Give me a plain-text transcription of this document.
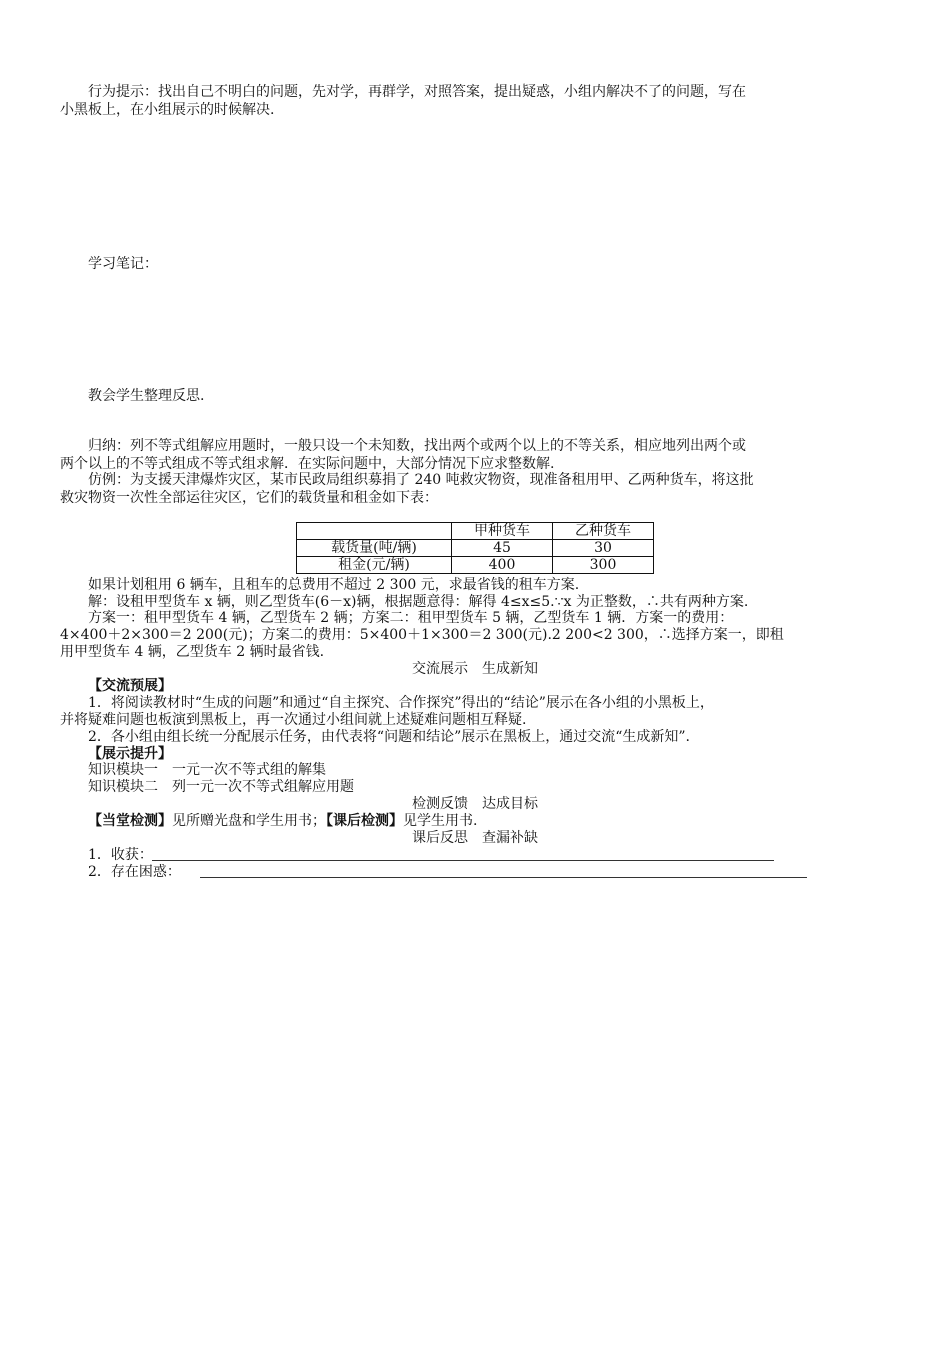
行为提示：找出自己不明白的问题，先对学，再群学，对照答案，提出疑惑，小组内解决不了的问题，写在
小黑板上，在小组展示的时候解决.
学习笔记：
教会学生整理反思.
归纳：列不等式组解应用题时，一般只设一个未知数，找出两个或两个以上的不等关系，相应地列出两个或
两个以上的不等式组成不等式组求解．在实际问题中，大部分情况下应求整数解.
仿例：为支援天津爆炸灾区，某市民政局组织募捐了 240 吨救灾物资，现准备租用甲、乙两种货车，将这批
救灾物资一次性全部运往灾区，它们的载货量和租金如下表：
	甲种货车	乙种货车
载货量(吨/辆)	45	30
租金(元/辆)	400	300
如果计划租用 6 辆车，且租车的总费用不超过 2 300 元，求最省钱的租车方案.
解：设租甲型货车 x 辆，则乙型货车(6－x)辆，根据题意得：解得 4≤x≤5.∵x 为正整数，∴共有两种方案.
方案一：租甲型货车 4 辆，乙型货车 2 辆；方案二：租甲型货车 5 辆，乙型货车 1 辆．方案一的费用：
4×400＋2×300＝2 200(元)；方案二的费用：5×400＋1×300＝2 300(元).2 200<2 300，∴选择方案一，即租
用甲型货车 4 辆，乙型货车 2 辆时最省钱.
交流展示　生成新知
【交流预展】
1．将阅读教材时“生成的问题”和通过“自主探究、合作探究”得出的“结论”展示在各小组的小黑板上，
并将疑难问题也板演到黑板上，再一次通过小组间就上述疑难问题相互释疑.
2．各小组由组长统一分配展示任务，由代表将“问题和结论”展示在黑板上，通过交流“生成新知”.
【展示提升】
知识模块一　一元一次不等式组的解集
知识模块二　列一元一次不等式组解应用题
检测反馈　达成目标
【当堂检测】见所赠光盘和学生用书；【课后检测】见学生用书.
课后反思　查漏补缺
1．收获：
2．存在困惑：
